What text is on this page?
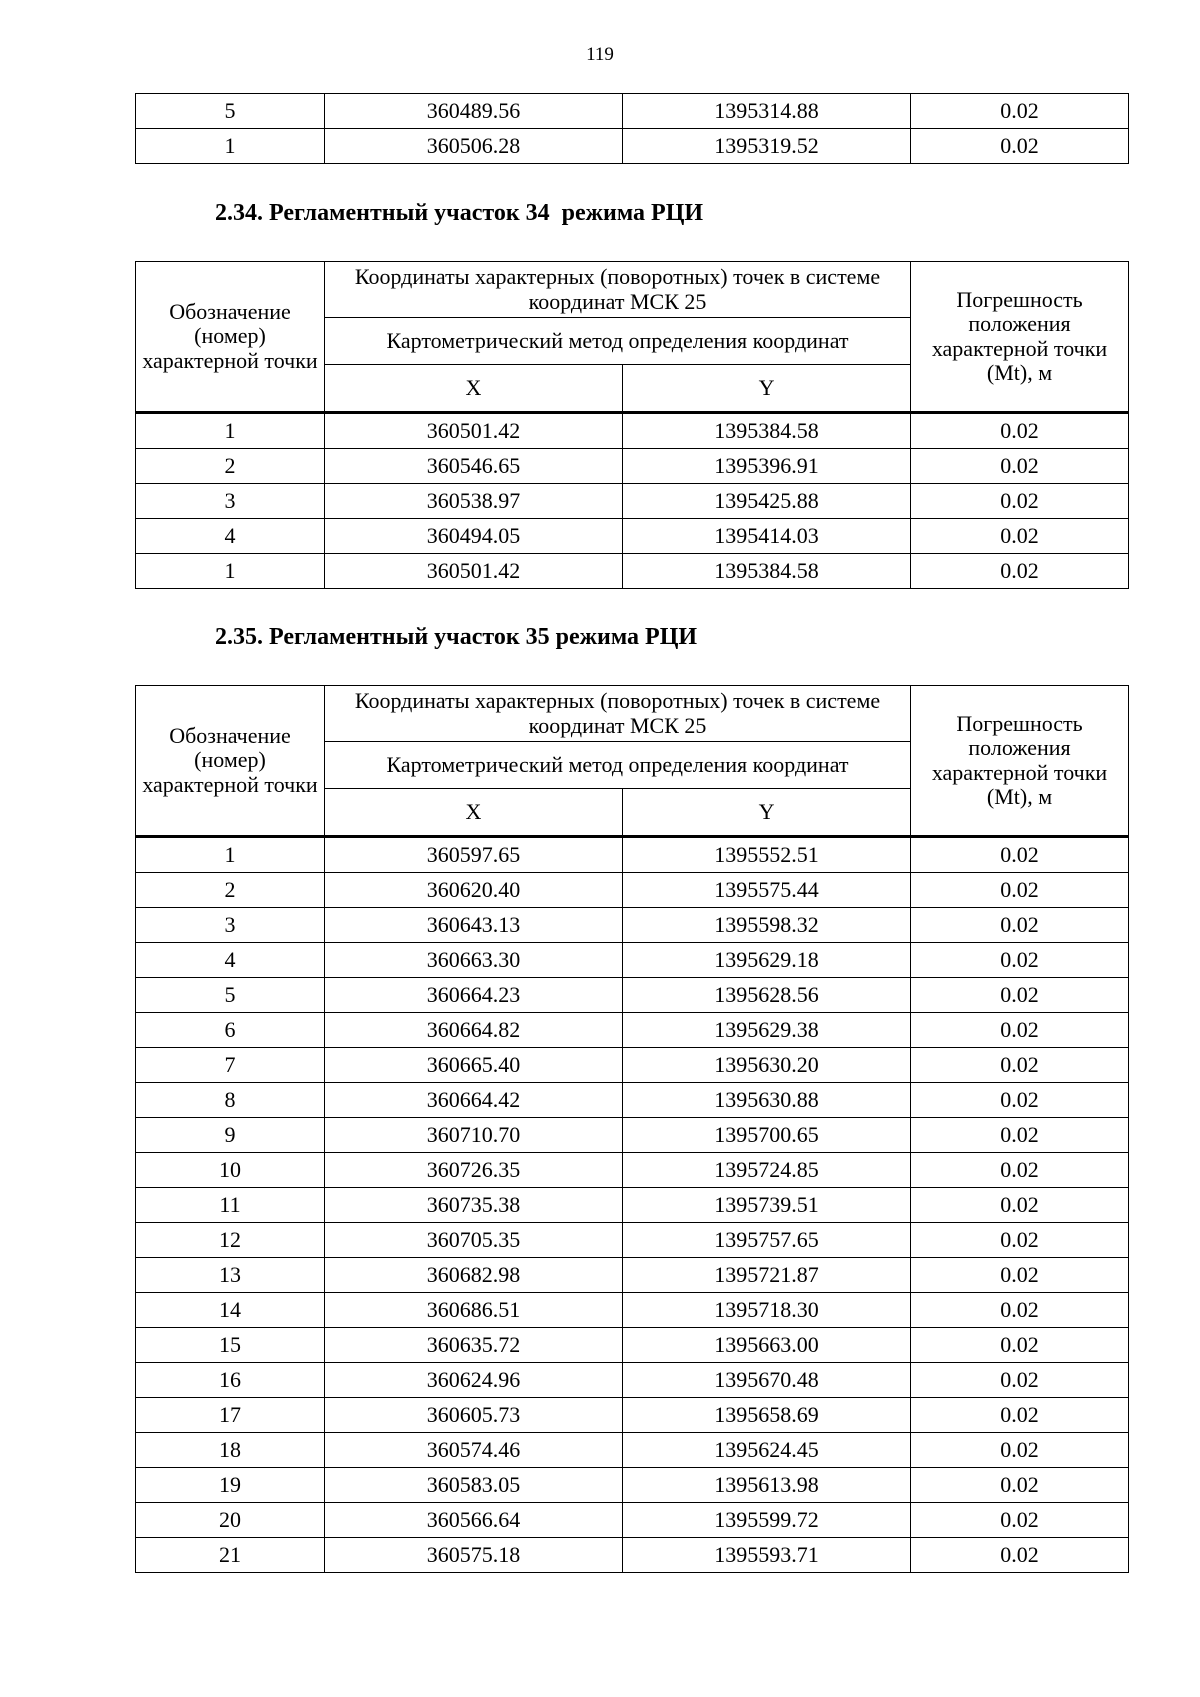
119
5	360489.56	1395314.88	0.02
1	360506.28	1395319.52	0.02
2.34. Регламентный участок 34  режима РЦИ
Обозначение (номер) характерной точки	Координаты характерных (поворотных) точек в системе координат МСК 25		Погрешность положения характерной точки (Mt), м
	Картометрический метод определения координат		
	X	Y	
1	360501.42	1395384.58	0.02
2	360546.65	1395396.91	0.02
3	360538.97	1395425.88	0.02
4	360494.05	1395414.03	0.02
1	360501.42	1395384.58	0.02
2.35. Регламентный участок 35 режима РЦИ
Обозначение (номер) характерной точки	Координаты характерных (поворотных) точек в системе координат МСК 25		Погрешность положения характерной точки (Mt), м
	Картометрический метод определения координат		
	X	Y	
1	360597.65	1395552.51	0.02
2	360620.40	1395575.44	0.02
3	360643.13	1395598.32	0.02
4	360663.30	1395629.18	0.02
5	360664.23	1395628.56	0.02
6	360664.82	1395629.38	0.02
7	360665.40	1395630.20	0.02
8	360664.42	1395630.88	0.02
9	360710.70	1395700.65	0.02
10	360726.35	1395724.85	0.02
11	360735.38	1395739.51	0.02
12	360705.35	1395757.65	0.02
13	360682.98	1395721.87	0.02
14	360686.51	1395718.30	0.02
15	360635.72	1395663.00	0.02
16	360624.96	1395670.48	0.02
17	360605.73	1395658.69	0.02
18	360574.46	1395624.45	0.02
19	360583.05	1395613.98	0.02
20	360566.64	1395599.72	0.02
21	360575.18	1395593.71	0.02
